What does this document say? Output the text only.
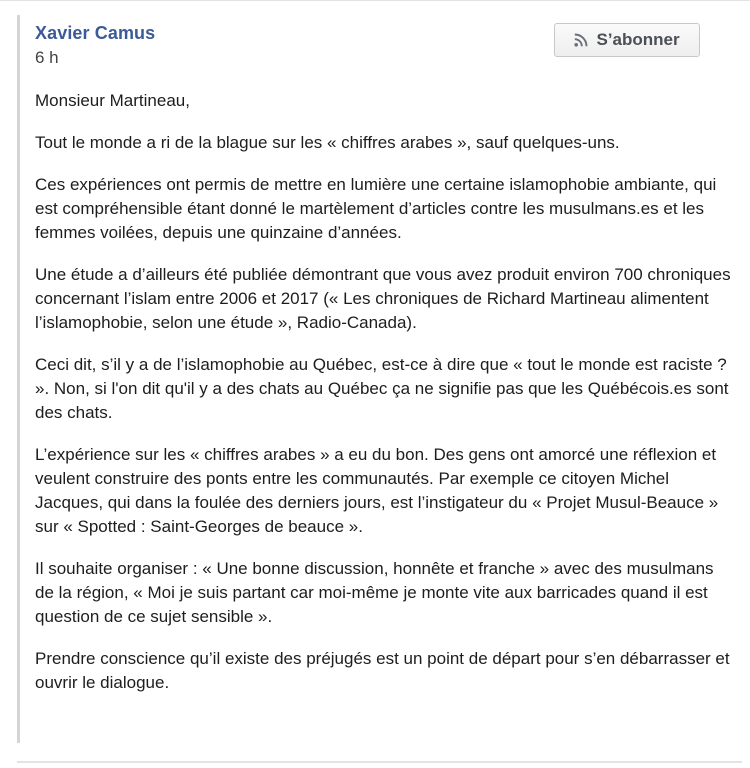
Xavier Camus
6 h
S’abonner

Monsieur Martineau,

Tout le monde a ri de la blague sur les « chiffres arabes », sauf quelques-uns.

Ces expériences ont permis de mettre en lumière une certaine islamophobie ambiante, qui est compréhensible étant donné le martèlement d’articles contre les musulmans.es et les femmes voilées, depuis une quinzaine d’années.

Une étude a d’ailleurs été publiée démontrant que vous avez produit environ 700 chroniques concernant l’islam entre 2006 et 2017 (« Les chroniques de Richard Martineau alimentent l’islamophobie, selon une étude », Radio-Canada).

Ceci dit, s’il y a de l’islamophobie au Québec, est-ce à dire que « tout le monde est raciste ? ». Non, si l'on dit qu'il y a des chats au Québec ça ne signifie pas que les Québécois.es sont des chats.

L’expérience sur les « chiffres arabes » a eu du bon. Des gens ont amorcé une réflexion et veulent construire des ponts entre les communautés. Par exemple ce citoyen Michel Jacques, qui dans la foulée des derniers jours, est l’instigateur du « Projet Musul-Beauce » sur « Spotted : Saint-Georges de beauce ».

Il souhaite organiser : « Une bonne discussion, honnête et franche » avec des musulmans de la région, « Moi je suis partant car moi-même je monte vite aux barricades quand il est question de ce sujet sensible ».

Prendre conscience qu’il existe des préjugés est un point de départ pour s’en débarrasser et ouvrir le dialogue.
